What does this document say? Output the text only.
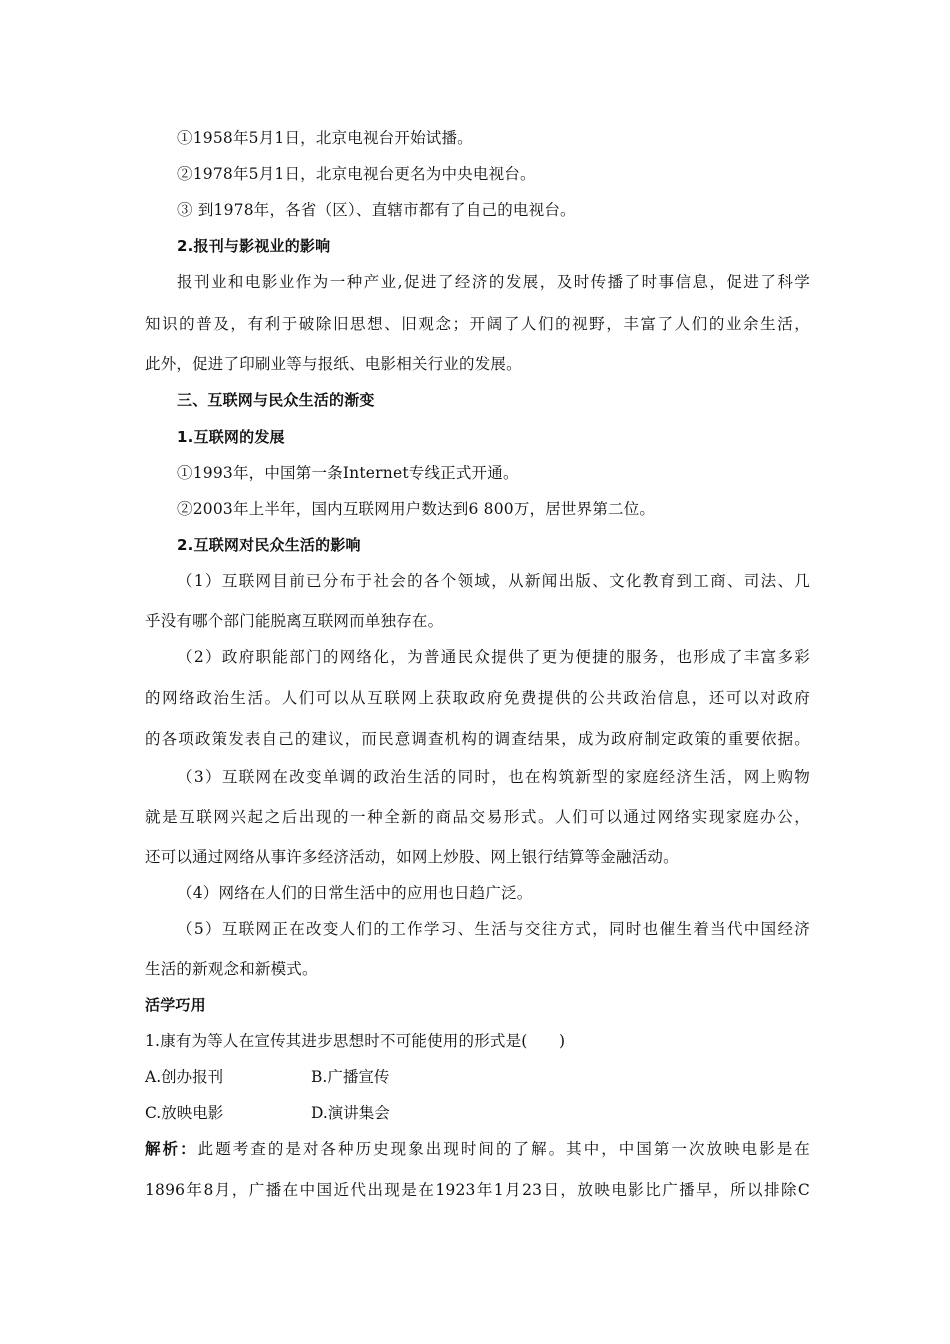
①1958年5月1日，北京电视台开始试播。
②1978年5月1日，北京电视台更名为中央电视台。
③ 到1978年，各省（区）、直辖市都有了自己的电视台。
2.报刊与影视业的影响
报刊业和电影业作为一种产业,促进了经济的发展，及时传播了时事信息，促进了科学
知识的普及，有利于破除旧思想、旧观念；开阔了人们的视野，丰富了人们的业余生活，
此外，促进了印刷业等与报纸、电影相关行业的发展。
三、互联网与民众生活的渐变
1.互联网的发展
①1993年，中国第一条Internet专线正式开通。
②2003年上半年，国内互联网用户数达到6 800万，居世界第二位。
2.互联网对民众生活的影响
（1）互联网目前已分布于社会的各个领域，从新闻出版、文化教育到工商、司法、几
乎没有哪个部门能脱离互联网而单独存在。
（2）政府职能部门的网络化，为普通民众提供了更为便捷的服务，也形成了丰富多彩
的网络政治生活。人们可以从互联网上获取政府免费提供的公共政治信息，还可以对政府
的各项政策发表自己的建议，而民意调查机构的调查结果，成为政府制定政策的重要依据。
（3）互联网在改变单调的政治生活的同时，也在构筑新型的家庭经济生活，网上购物
就是互联网兴起之后出现的一种全新的商品交易形式。人们可以通过网络实现家庭办公，
还可以通过网络从事许多经济活动，如网上炒股、网上银行结算等金融活动。
（4）网络在人们的日常生活中的应用也日趋广泛。
（5）互联网正在改变人们的工作学习、生活与交往方式，同时也催生着当代中国经济
生活的新观念和新模式。
活学巧用
1.康有为等人在宣传其进步思想时不可能使用的形式是(　　)
A.创办报刊	B.广播宣传
C.放映电影	D.演讲集会
解析：此题考查的是对各种历史现象出现时间的了解。其中，中国第一次放映电影是在
1896年8月，广播在中国近代出现是在1923年1月23日，放映电影比广播早，所以排除C
